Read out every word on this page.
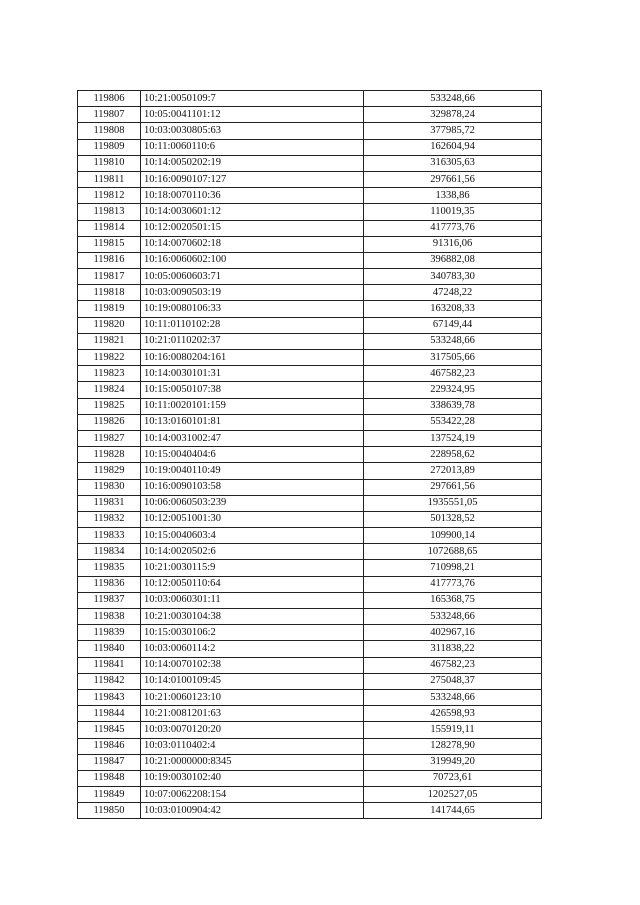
119806	10:21:0050109:7	533248,66
119807	10:05:0041101:12	329878,24
119808	10:03:0030805:63	377985,72
119809	10:11:0060110:6	162604,94
119810	10:14:0050202:19	316305,63
119811	10:16:0090107:127	297661,56
119812	10:18:0070110:36	1338,86
119813	10:14:0030601:12	110019,35
119814	10:12:0020501:15	417773,76
119815	10:14:0070602:18	91316,06
119816	10:16:0060602:100	396882,08
119817	10:05:0060603:71	340783,30
119818	10:03:0090503:19	47248,22
119819	10:19:0080106:33	163208,33
119820	10:11:0110102:28	67149,44
119821	10:21:0110202:37	533248,66
119822	10:16:0080204:161	317505,66
119823	10:14:0030101:31	467582,23
119824	10:15:0050107:38	229324,95
119825	10:11:0020101:159	338639,78
119826	10:13:0160101:81	553422,28
119827	10:14:0031002:47	137524,19
119828	10:15:0040404:6	228958,62
119829	10:19:0040110:49	272013,89
119830	10:16:0090103:58	297661,56
119831	10:06:0060503:239	1935551,05
119832	10:12:0051001:30	501328,52
119833	10:15:0040603:4	109900,14
119834	10:14:0020502:6	1072688,65
119835	10:21:0030115:9	710998,21
119836	10:12:0050110:64	417773,76
119837	10:03:0060301:11	165368,75
119838	10:21:0030104:38	533248,66
119839	10:15:0030106:2	402967,16
119840	10:03:0060114:2	311838,22
119841	10:14:0070102:38	467582,23
119842	10:14:0100109:45	275048,37
119843	10:21:0060123:10	533248,66
119844	10:21:0081201:63	426598,93
119845	10:03:0070120:20	155919,11
119846	10:03:0110402:4	128278,90
119847	10:21:0000000:8345	319949,20
119848	10:19:0030102:40	70723,61
119849	10:07:0062208:154	1202527,05
119850	10:03:0100904:42	141744,65
